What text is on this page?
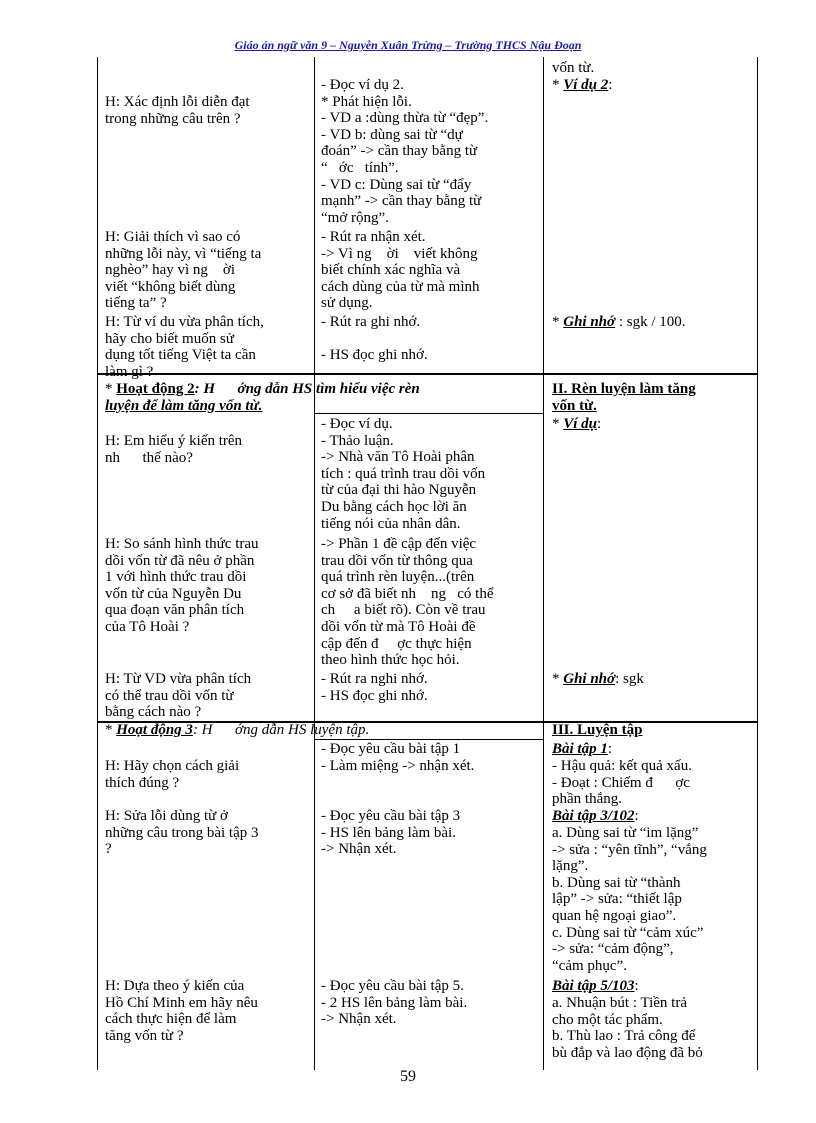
Giáo án ngữ văn 9 – Nguyễn Xuân Trừng – Trường THCS Nậu Đoạn
H: Xác định lỗi diễn đạt
trong những câu trên ?
H: Giải thích vì sao có
những lỗi này, vì “tiếng ta
nghèo” hay vì ng    ời
viết “không biết dùng
tiếng ta” ?
H: Từ ví du vừa phân tích,
hãy cho biết muốn sử
dụng tốt tiếng Việt ta cần
làm gì ?
H: Em hiểu ý kiến trên
nh      thế nào?
H: So sánh hình thức trau
dồi vốn từ đã nêu ở phần
1 với hình thức trau dồi
vốn từ của Nguyễn Du
qua đoạn văn phân tích
của Tô Hoài ?
H: Từ VD vừa phân tích
có thể trau dồi vốn từ
bằng cách nào ?
H: Hãy chọn cách giải
thích đúng ?
H: Sửa lỗi dùng từ ở
những câu trong bài tập 3
?
H: Dựa theo ý kiến của
Hồ Chí Minh em hãy nêu
cách thực hiện để làm
tăng vốn từ ?
* Hoạt động 2: H      ớng dẫn HS tìm hiểu việc rèn
luyện để làm tăng vốn từ.
* Hoạt động 3: H      ớng dẫn HS luyện tập.
- Đọc ví dụ 2.
* Phát hiện lỗi.
- VD a :dùng thừa từ “đẹp”.
- VD b: dùng sai từ “dự
đoán” -> cần thay bằng từ
“   ớc   tính”.
- VD c: Dùng sai từ “đẩy
mạnh” -> cần thay bằng từ
“mở rộng”.
- Rút ra nhận xét.
-> Vì ng    ời    viết không
biết chính xác nghĩa và
cách dùng của từ mà mình
sử dụng.
- Rút ra ghi nhớ.
- HS đọc ghi nhớ.
- Đọc ví dụ.
- Thảo luận.
-> Nhà văn Tô Hoài phân
tích : quá trình trau dồi vốn
từ của đại thi hào Nguyễn
Du bằng cách học lời ăn
tiếng nói của nhân dân.
-> Phần 1 đề cập đến việc
trau dồi vốn từ thông qua
quá trình rèn luyện...(trên
cơ sở đã biết nh    ng   có thể
ch     a biết rõ). Còn về trau
dồi vốn từ mà Tô Hoài đề
cập đến đ     ợc thực hiện
theo hình thức học hỏi.
- Rút ra nghi nhớ.
- HS đọc ghi nhớ.
- Đọc yêu cầu bài tập 1
- Làm miệng -> nhận xét.
- Đọc yêu cầu bài tập 3
- HS lên bảng làm bài.
-> Nhận xét.
- Đọc yêu cầu bài tập 5.
- 2 HS lên bảng làm bài.
-> Nhận xét.
vốn từ.
* Ví dụ 2:
* Ghi nhớ : sgk / 100.
II. Rèn luyện làm tăng
vốn từ.
* Ví dụ:
* Ghi nhớ: sgk
III. Luyện tập
Bài tập 1:
- Hậu quả: kết quả xấu.
- Đoạt : Chiếm đ      ợc
phần thắng.
Bài tập 3/102:
a. Dùng sai từ “im lặng”
-> sửa : “yên tĩnh”, “vắng
lặng”.
b. Dùng sai từ “thành
lập” -> sửa: “thiết lập
quan hệ ngoại giao”.
c. Dùng sai từ “cảm xúc”
-> sửa: “cảm động”,
“cảm phục”.
Bài tập 5/103:
a. Nhuận bút : Tiền trả
cho một tác phẩm.
b. Thù lao : Trả công để
bù đắp và lao động đã bỏ
59
